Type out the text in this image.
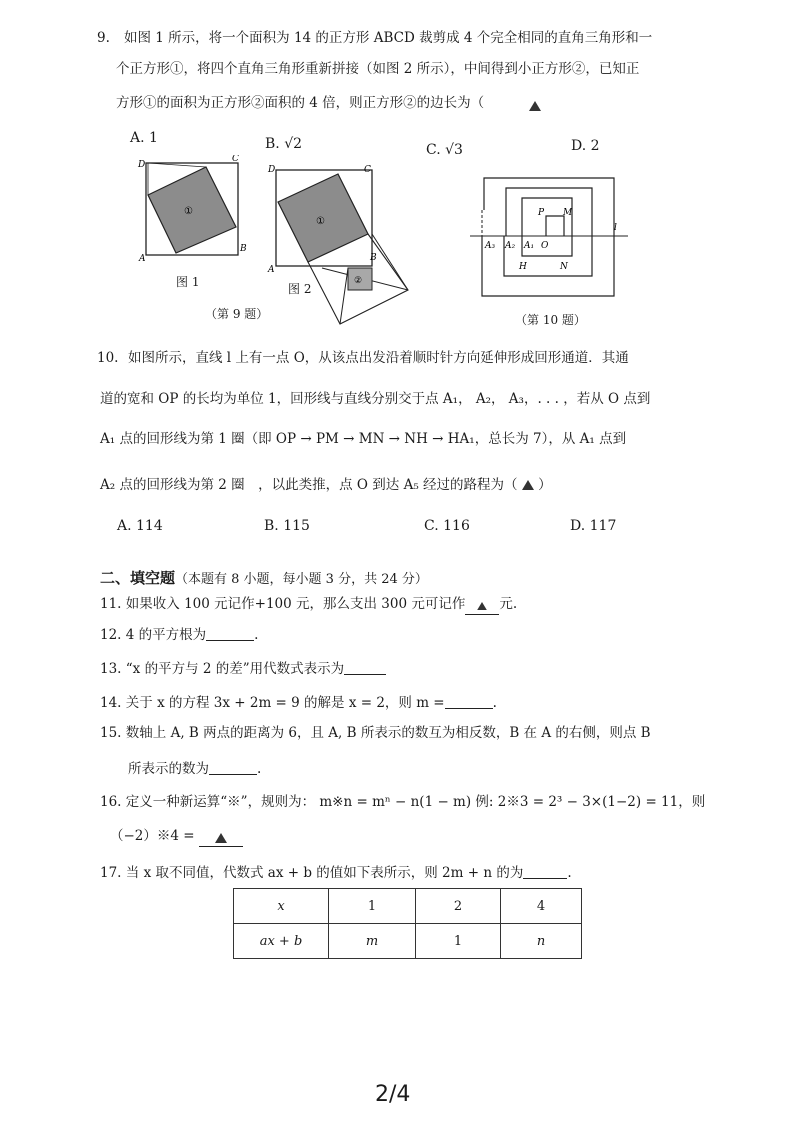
9. 如图 1 所示，将一个面积为 14 的正方形 ABCD 裁剪成 4 个完全相同的直角三角形和一
个正方形①，将四个直角三角形重新拼接（如图 2 所示），中间得到小正方形②，已知正
方形①的面积为正方形②面积的 4 倍，则正方形②的边长为（
A. 1	B. √2	C. √3	D. 2
①
D
C
A
B
图 1	②
①
D	C
A
B
图 2
（第 9 题）
P M
O
A₁
A₂
A₃
H	N
l
（第 10 题）
10. 如图所示，直线 l 上有一点 O，从该点出发沿着顺时针方向延伸形成回形通道．其通
道的宽和 OP 的长均为单位 1，回形线与直线分别交于点 A₁， A₂， A₃，. . . ，若从 O 点到
A₁ 点的回形线为第 1 圈（即 OP → PM → MN → NH → HA₁，总长为 7），从 A₁ 点到
A₂ 点的回形线为第 2 圈　，以此类推，点 O 到达 A₅ 经过的路程为（ ）
A. 114	B. 115	C. 116	D. 117
二、填空题（本题有 8 小题，每小题 3 分，共 24 分）
11. 如果收入 100 元记作+100 元，那么支出 300 元可记作	元.
12. 4 的平方根为	.
13. “x 的平方与 2 的差”用代数式表示为
14. 关于 x 的方程 3x + 2m = 9 的解是 x = 2，则 m =	.
15. 数轴上 A, B 两点的距离为 6，且 A, B 所表示的数互为相反数，B 在 A 的右侧，则点 B
所表示的数为	.
16. 定义一种新运算“※”，规则为： m※n = mⁿ − n(1 − m) 例: 2※3 = 2³ − 3×(1−2) = 11，则
（−2）※4 =
17. 当 x 取不同值，代数式 ax + b 的值如下表所示，则 2m + n 的为	.
x	1	2	4
ax + b	m	1	n
2/4
